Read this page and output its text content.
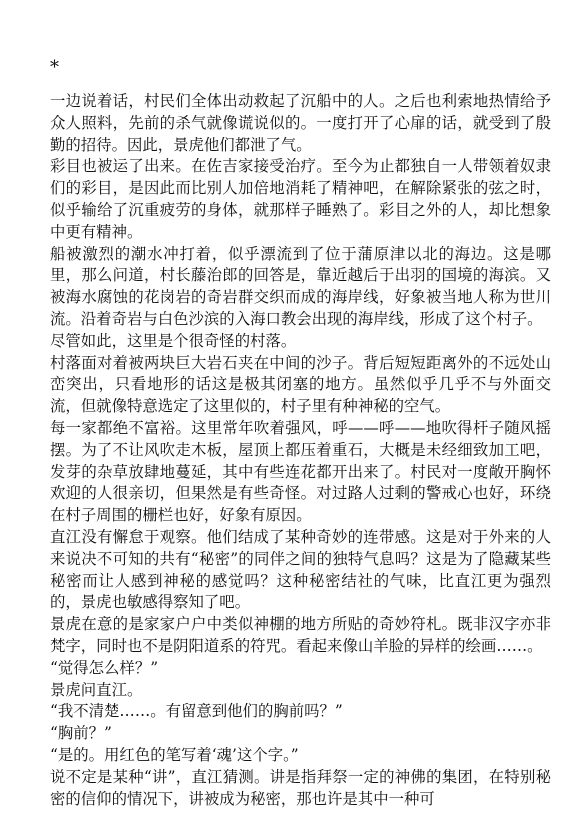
*

一边说着话，村民们全体出动救起了沉船中的人。之后也利索地热情给予众人照料，先前的杀气就像谎说似的。一度打开了心扉的话，就受到了殷勤的招待。因此，景虎他们都泄了气。

彩目也被运了出来。在佐吉家接受治疗。至今为止都独自一人带领着奴隶们的彩目，是因此而比别人加倍地消耗了精神吧，在解除紧张的弦之时，似乎输给了沉重疲劳的身体，就那样子睡熟了。彩目之外的人，却比想象中更有精神。

船被激烈的潮水冲打着，似乎漂流到了位于蒲原津以北的海边。这是哪里，那么问道，村长藤治郎的回答是，靠近越后于出羽的国境的海滨。又被海水腐蚀的花岗岩的奇岩群交织而成的海岸线，好象被当地人称为世川流。沿着奇岩与白色沙滨的入海口教会出现的海岸线，形成了这个村子。

尽管如此，这里是个很奇怪的村落。

村落面对着被两块巨大岩石夹在中间的沙子。背后短短距离外的不远处山峦突出，只看地形的话这是极其闭塞的地方。虽然似乎几乎不与外面交流，但就像特意选定了这里似的，村子里有种神秘的空气。

每一家都绝不富裕。这里常年吹着强风，呼——呼——地吹得杆子随风摇摆。为了不让风吹走木板，屋顶上都压着重石，大概是未经细致加工吧，发芽的杂草放肆地蔓延，其中有些连花都开出来了。村民对一度敞开胸怀欢迎的人很亲切，但果然是有些奇怪。对过路人过剩的警戒心也好，环绕在村子周围的栅栏也好，好象有原因。

直江没有懈怠于观察。他们结成了某种奇妙的连带感。这是对于外来的人来说决不可知的共有“秘密”的同伴之间的独特气息吗？这是为了隐藏某些秘密而让人感到神秘的感觉吗？这种秘密结社的气味，比直江更为强烈的，景虎也敏感得察知了吧。

景虎在意的是家家户户中类似神棚的地方所贴的奇妙符札。既非汉字亦非梵字，同时也不是阴阳道系的符咒。看起来像山羊脸的异样的绘画……。

“觉得怎么样？”

景虎问直江。

“我不清楚……。有留意到他们的胸前吗？”

“胸前？”

“是的。用红色的笔写着‘魂’这个字。”

说不定是某种“讲”，直江猜测。讲是指拜祭一定的神佛的集团，在特别秘密的信仰的情况下，讲被成为秘密，那也许是其中一种可
